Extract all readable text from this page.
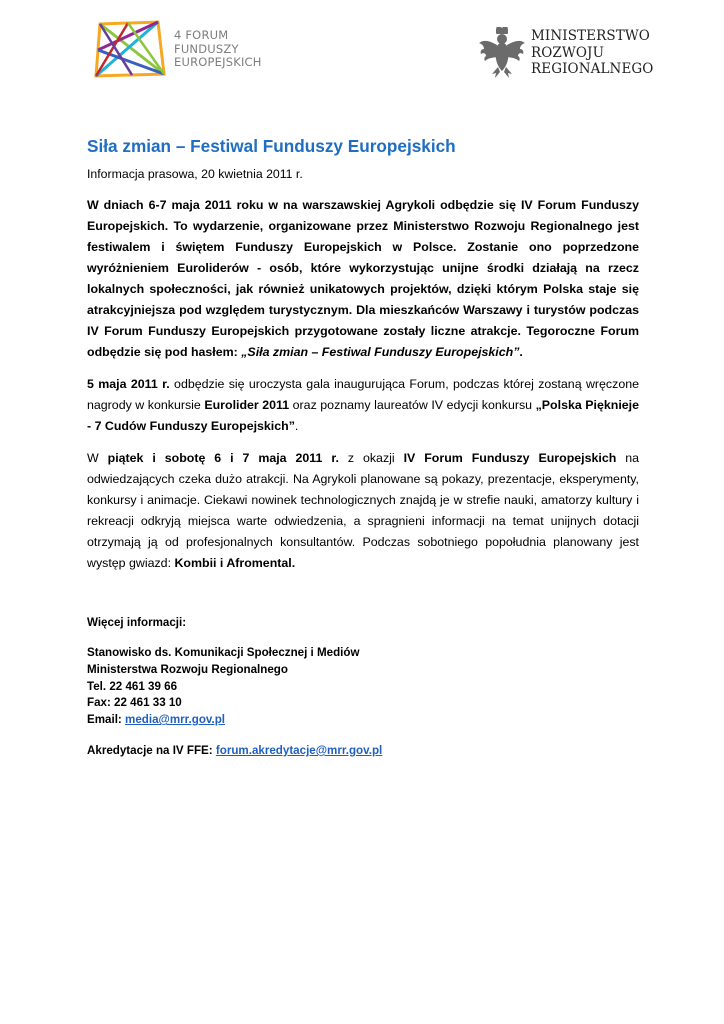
4 FORUM
FUNDUSZY
EUROPEJSKICH
MINISTERSTWO
ROZWOJU
REGIONALNEGO
Siła zmian – Festiwal Funduszy Europejskich
Informacja prasowa, 20 kwietnia 2011 r.

W dniach 6-7 maja 2011 roku w na warszawskiej Agrykoli odbędzie się IV Forum Funduszy Europejskich. To wydarzenie, organizowane przez Ministerstwo Rozwoju Regionalnego jest festiwalem i świętem Funduszy Europejskich w Polsce. Zostanie ono poprzedzone wyróżnieniem Euroliderów - osób, które wykorzystując unijne środki działają na rzecz lokalnych społeczności, jak również unikatowych projektów, dzięki którym Polska staje się atrakcyjniejsza pod względem turystycznym. Dla mieszkańców Warszawy i turystów podczas IV Forum Funduszy Europejskich przygotowane zostały liczne atrakcje. Tegoroczne Forum odbędzie się pod hasłem: „Siła zmian – Festiwal Funduszy Europejskich”.

5 maja 2011 r. odbędzie się uroczysta gala inaugurująca Forum, podczas której zostaną wręczone nagrody w konkursie Eurolider 2011 oraz poznamy laureatów IV edycji konkursu „Polska Piękniejе - 7 Cudów Funduszy Europejskich”.

W piątek i sobotę 6 i 7 maja 2011 r. z okazji IV Forum Funduszy Europejskich na odwiedzających czeka dużo atrakcji. Na Agrykoli planowane są pokazy, prezentacje, eksperymenty, konkursy i animacje. Ciekawi nowinek technologicznych znajdą je w strefie nauki, amatorzy kultury i rekreacji odkryją miejsca warte odwiedzenia, a spragnieni informacji na temat unijnych dotacji otrzymają ją od profesjonalnych konsultantów. Podczas sobotniego popołudnia planowany jest występ gwiazd: Kombii i Afromental.

Więcej informacji:
Stanowisko ds. Komunikacji Społecznej i Mediów
Ministerstwa Rozwoju Regionalnego
Tel. 22 461 39 66
Fax: 22 461 33 10
Email: media@mrr.gov.pl
Akredytacje na IV FFE: forum.akredytacje@mrr.gov.pl
